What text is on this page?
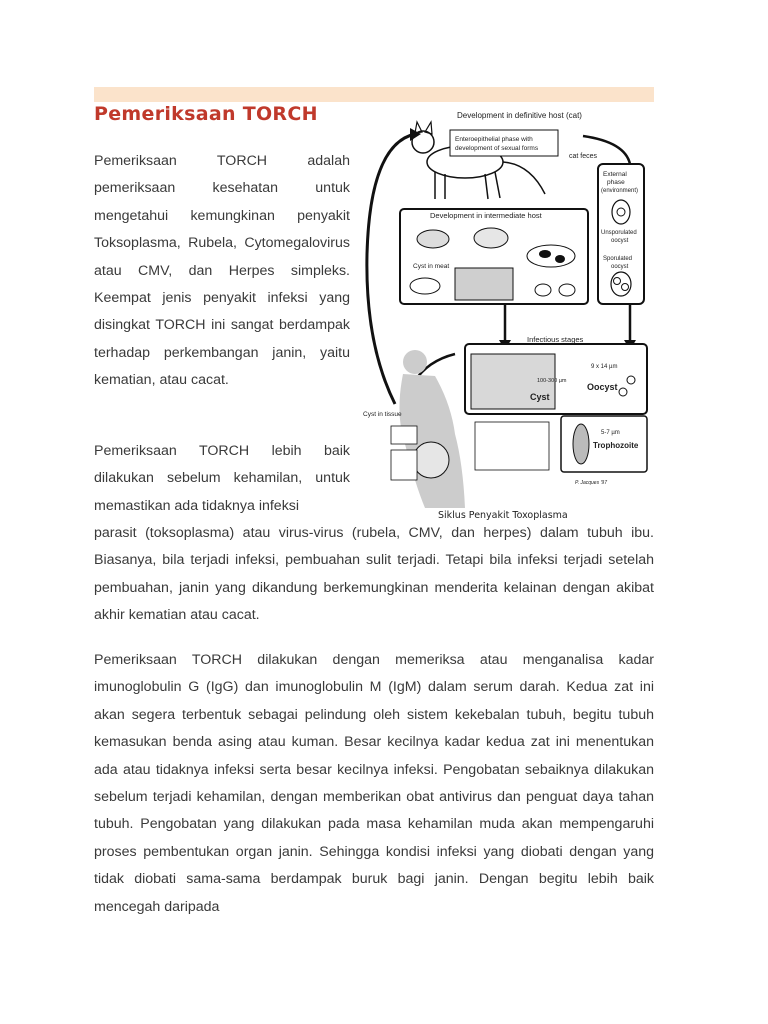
Pemeriksaan TORCH

Pemeriksaan TORCH adalah pemeriksaan kesehatan untuk mengetahui kemungkinan penyakit Toksoplasma, Rubela, Cytomegalovirus atau CMV, dan Herpes simpleks. Keempat jenis penyakit infeksi yang disingkat TORCH ini sangat berdampak terhadap perkembangan janin, yaitu kematian, atau cacat.

Pemeriksaan TORCH lebih baik dilakukan sebelum kehamilan, untuk memastikan ada tidaknya infeksi

Development in definitive host (cat)
Enteroepithelial phase with
development of sexual forms
cat feces
External
phase
(environment)
Unsporulated
oocyst
Sporulated
oocyst
Development in intermediate host
Cyst in meat
Infectious stages
100-300 µm
Cyst
9 x 14 µm
Oocyst
5-7 µm
Trophozoite
Cyst in tissue
P. Jacques '97
Siklus Penyakit Toxoplasma

parasit (toksoplasma) atau virus-virus (rubela, CMV, dan herpes) dalam tubuh ibu. Biasanya, bila terjadi infeksi, pembuahan sulit terjadi. Tetapi bila infeksi terjadi setelah pembuahan, janin yang dikandung berkemungkinan menderita kelainan dengan akibat akhir kematian atau cacat.

Pemeriksaan TORCH dilakukan dengan memeriksa atau menganalisa kadar imunoglobulin G (IgG) dan imunoglobulin M (IgM) dalam serum darah. Kedua zat ini akan segera terbentuk sebagai pelindung oleh sistem kekebalan tubuh, begitu tubuh kemasukan benda asing atau kuman. Besar kecilnya kadar kedua zat ini menentukan ada atau tidaknya infeksi serta besar kecilnya infeksi. Pengobatan sebaiknya dilakukan sebelum terjadi kehamilan, dengan memberikan obat antivirus dan penguat daya tahan tubuh. Pengobatan yang dilakukan pada masa kehamilan muda akan mempengaruhi proses pembentukan organ janin. Sehingga kondisi infeksi yang diobati dengan yang tidak diobati sama-sama berdampak buruk bagi janin. Dengan begitu lebih baik mencegah daripada
